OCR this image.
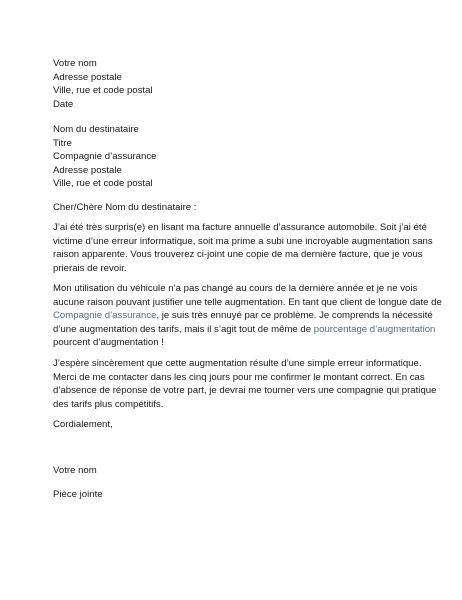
Votre nom
Adresse postale
Ville, rue et code postal
Date
Nom du destinataire
Titre
Compagnie d’assurance
Adresse postale
Ville, rue et code postal
Cher/Chère Nom du destinataire :
J’ai été très surpris(e) en lisant ma facture annuelle d’assurance automobile. Soit j’ai été
victime d’une erreur informatique, soit ma prime a subi une incroyable augmentation sans
raison apparente. Vous trouverez ci-joint une copie de ma dernière facture, que je vous
prierais de revoir.
Mon utilisation du véhicule n’a pas changé au cours de la dernière année et je ne vois
aucune raison pouvant justifier une telle augmentation. En tant que client de longue date de
Compagnie d’assurance, je suis très ennuyé par ce problème. Je comprends la nécessité
d’une augmentation des tarifs, mais il s’agit tout de même de pourcentage d’augmentation
pourcent d’augmentation !
J’espère sincèrement que cette augmentation résulte d’une simple erreur informatique.
Merci de me contacter dans les cinq jours pour me confirmer le montant correct. En cas
d’absence de réponse de votre part, je devrai me tourner vers une compagnie qui pratique
des tarifs plus compétitifs.
Cordialement,
Votre nom
Pièce jointe
